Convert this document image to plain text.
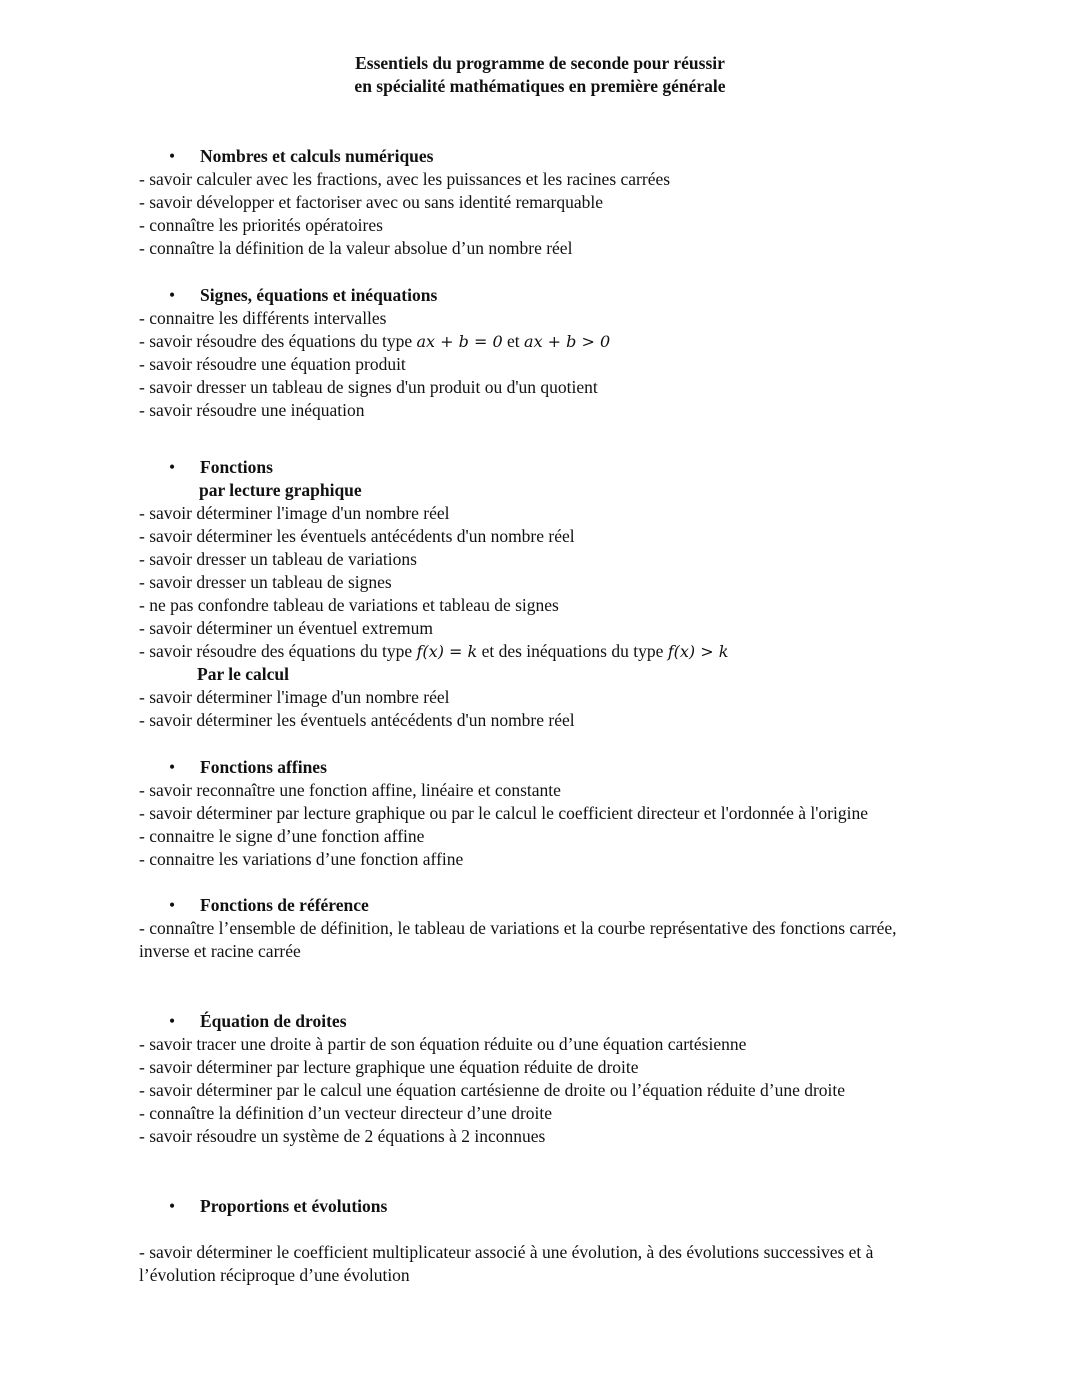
Essentiels du programme de seconde pour réussir
en spécialité mathématiques en première générale
• Nombres et calculs numériques
- savoir calculer avec les fractions, avec les puissances et les racines carrées
- savoir développer et factoriser avec ou sans identité remarquable
- connaître les priorités opératoires
- connaître la définition de la valeur absolue d’un nombre réel
• Signes, équations et inéquations
- connaitre les différents intervalles
- savoir résoudre des équations du type ax + b = 0 et ax + b > 0
- savoir résoudre une équation produit
- savoir dresser un tableau de signes d'un produit ou d'un quotient
- savoir résoudre une inéquation
• Fonctions
par lecture graphique
- savoir déterminer l'image d'un nombre réel
- savoir déterminer les éventuels antécédents d'un nombre réel
- savoir dresser un tableau de variations
- savoir dresser un tableau de signes
- ne pas confondre tableau de variations et tableau de signes
- savoir déterminer un éventuel extremum
- savoir résoudre des équations du type f(x) = k et des inéquations du type f(x) > k
Par le calcul
- savoir déterminer l'image d'un nombre réel
- savoir déterminer les éventuels antécédents d'un nombre réel
• Fonctions affines
- savoir reconnaître une fonction affine, linéaire et constante
- savoir déterminer par lecture graphique ou par le calcul le coefficient directeur et l'ordonnée à l'origine
- connaitre le signe d’une fonction affine
- connaitre les variations d’une fonction affine
• Fonctions de référence
- connaître l’ensemble de définition, le tableau de variations et la courbe représentative des fonctions carrée, inverse et racine carrée
• Équation de droites
- savoir tracer une droite à partir de son équation réduite ou d’une équation cartésienne
- savoir déterminer par lecture graphique une équation réduite de droite
- savoir déterminer par le calcul une équation cartésienne de droite ou l’équation réduite d’une droite
- connaître la définition d’un vecteur directeur d’une droite
- savoir résoudre un système de 2 équations à 2 inconnues
• Proportions et évolutions
- savoir déterminer le coefficient multiplicateur associé à une évolution, à des évolutions successives et à l’évolution réciproque d’une évolution
